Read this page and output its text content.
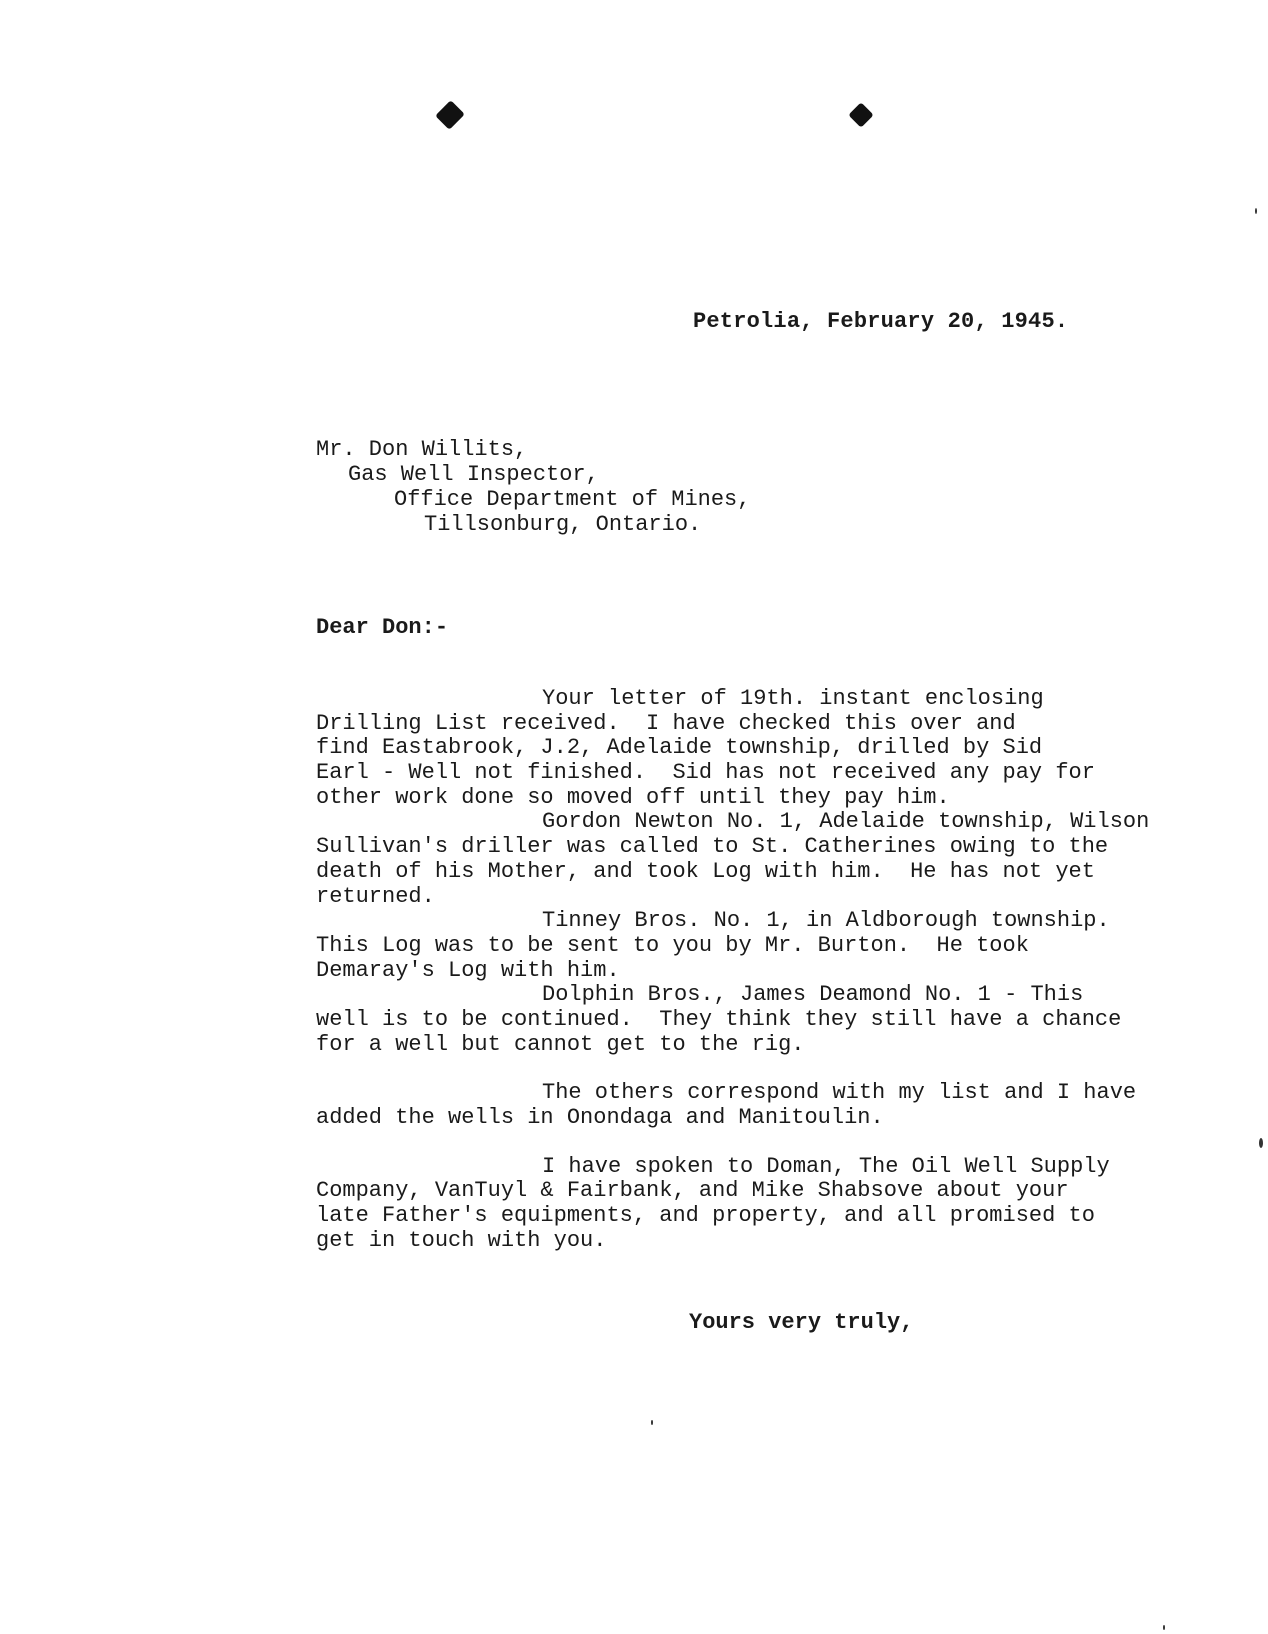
Petrolia, February 20, 1945.
Mr. Don Willits,
Gas Well Inspector,
Office Department of Mines,
Tillsonburg, Ontario.
Dear Don:-
Your letter of 19th. instant enclosing
Drilling List received.  I have checked this over and
find Eastabrook, J.2, Adelaide township, drilled by Sid
Earl - Well not finished.  Sid has not received any pay for
other work done so moved off until they pay him.
Gordon Newton No. 1, Adelaide township, Wilson
Sullivan's driller was called to St. Catherines owing to the
death of his Mother, and took Log with him.  He has not yet
returned.
Tinney Bros. No. 1, in Aldborough township.
This Log was to be sent to you by Mr. Burton.  He took
Demaray's Log with him.
Dolphin Bros., James Deamond No. 1 - This
well is to be continued.  They think they still have a chance
for a well but cannot get to the rig.
The others correspond with my list and I have
added the wells in Onondaga and Manitoulin.
I have spoken to Doman, The Oil Well Supply
Company, VanTuyl & Fairbank, and Mike Shabsove about your
late Father's equipments, and property, and all promised to
get in touch with you.
Yours very truly,
